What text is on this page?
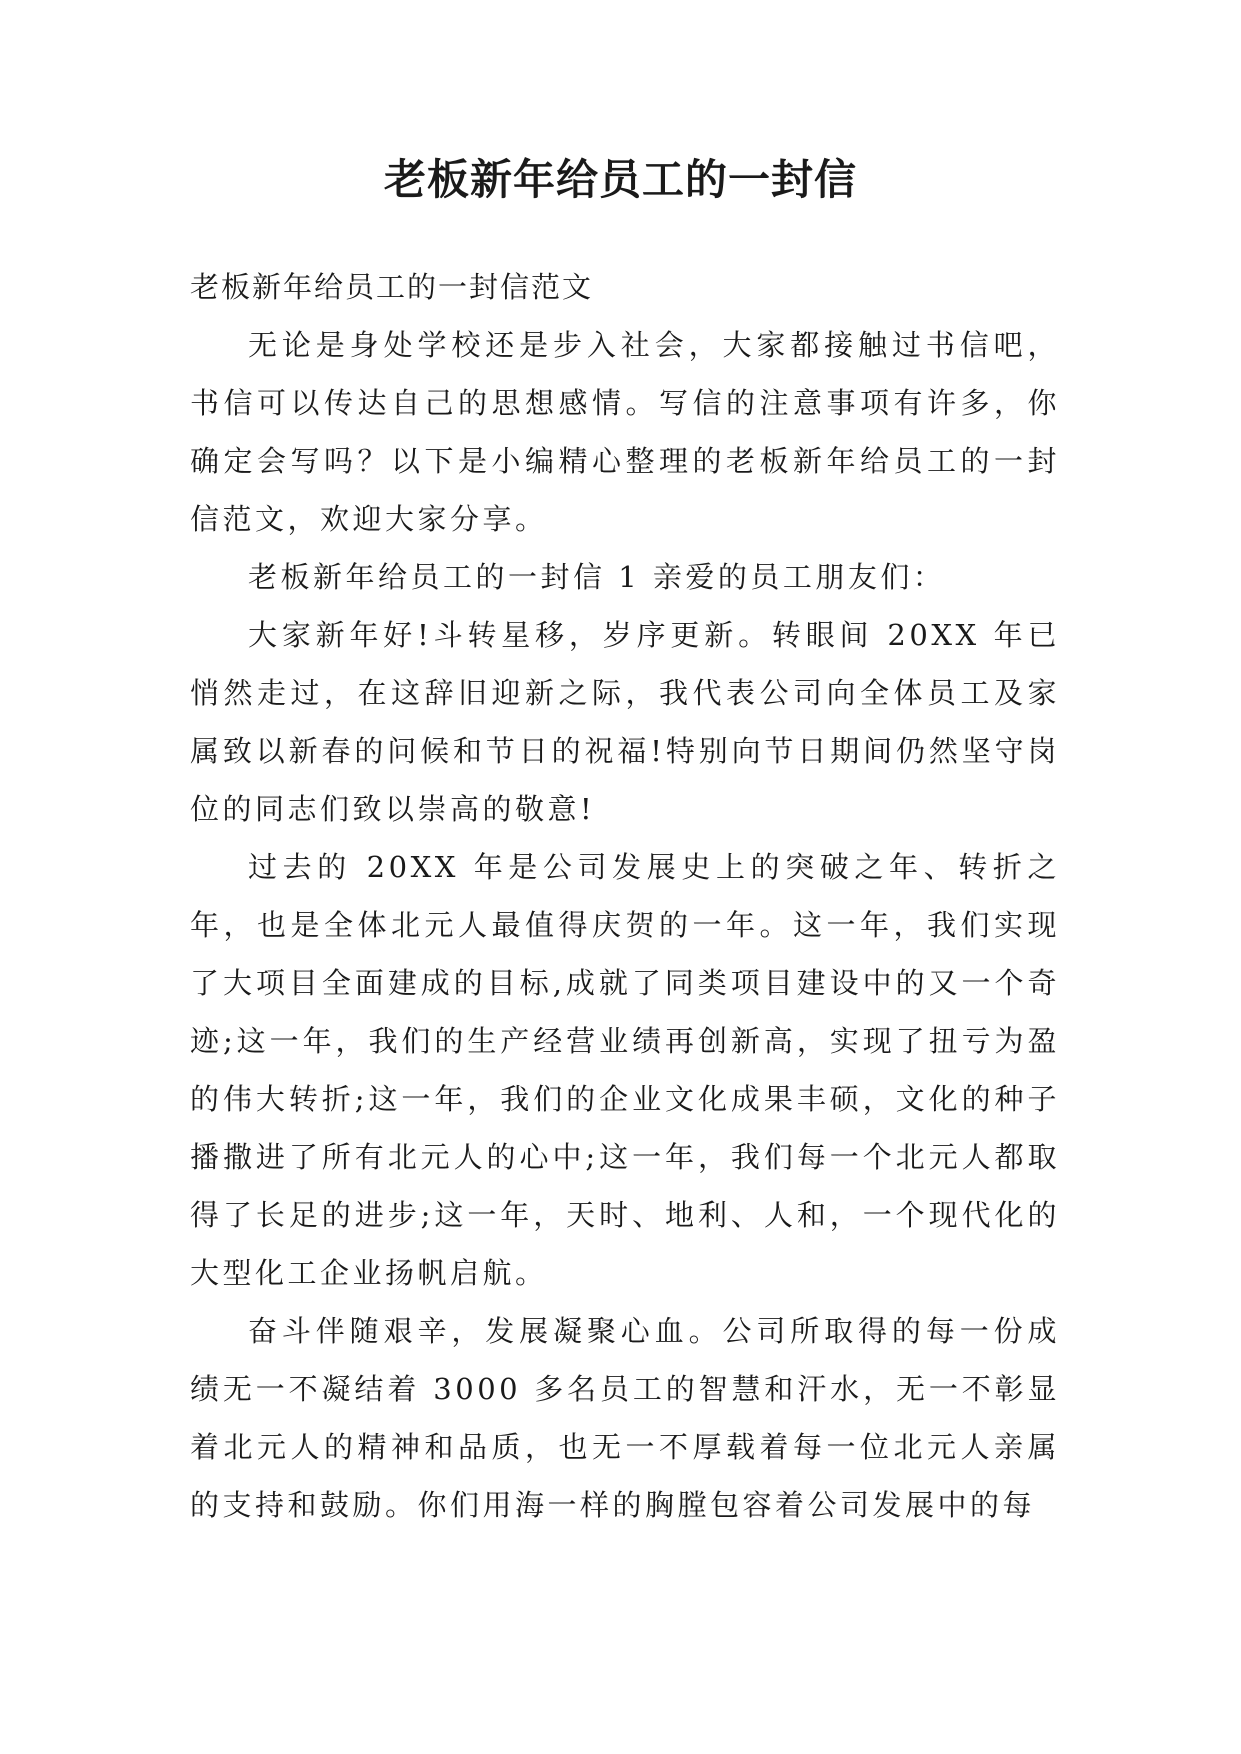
老板新年给员工的一封信

老板新年给员工的一封信范文

无论是身处学校还是步入社会，大家都接触过书信吧，书信可以传达自己的思想感情。写信的注意事项有许多，你确定会写吗？以下是小编精心整理的老板新年给员工的一封信范文，欢迎大家分享。

老板新年给员工的一封信 1 亲爱的员工朋友们：

大家新年好!斗转星移，岁序更新。转眼间 20XX 年已悄然走过，在这辞旧迎新之际，我代表公司向全体员工及家属致以新春的问候和节日的祝福!特别向节日期间仍然坚守岗位的同志们致以崇高的敬意!

过去的 20XX 年是公司发展史上的突破之年、转折之年，也是全体北元人最值得庆贺的一年。这一年，我们实现了大项目全面建成的目标,成就了同类项目建设中的又一个奇迹;这一年，我们的生产经营业绩再创新高，实现了扭亏为盈的伟大转折;这一年，我们的企业文化成果丰硕，文化的种子播撒进了所有北元人的心中;这一年，我们每一个北元人都取得了长足的进步;这一年，天时、地利、人和，一个现代化的大型化工企业扬帆启航。

奋斗伴随艰辛，发展凝聚心血。公司所取得的每一份成绩无一不凝结着 3000 多名员工的智慧和汗水，无一不彰显着北元人的精神和品质，也无一不厚载着每一位北元人亲属的支持和鼓励。你们用海一样的胸膛包容着公司发展中的每
